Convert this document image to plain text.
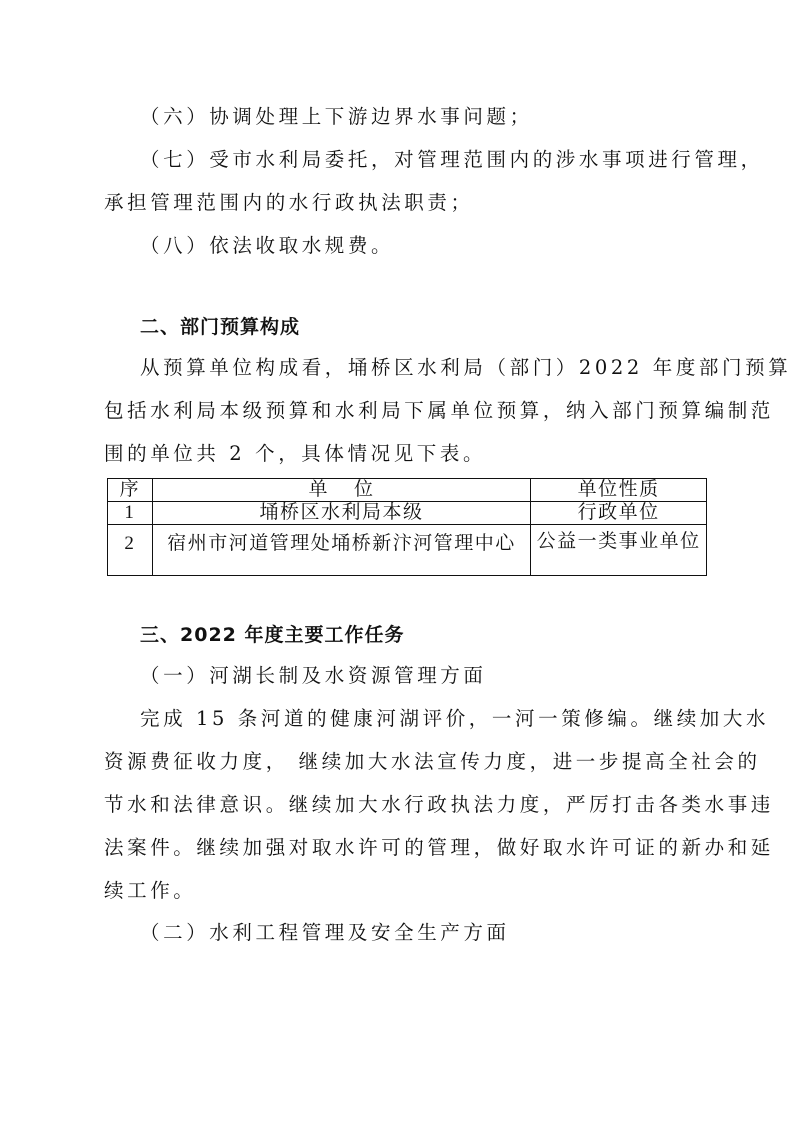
（六）协调处理上下游边界水事问题；
（七）受市水利局委托，对管理范围内的涉水事项进行管理，
承担管理范围内的水行政执法职责；
（八）依法收取水规费。
二、部门预算构成
从预算单位构成看，埇桥区水利局（部门）2022 年度部门预算
包括水利局本级预算和水利局下属单位预算，纳入部门预算编制范
围的单位共 2 个，具体情况见下表。
序	单    位	单位性质
1	埇桥区水利局本级	行政单位
2	宿州市河道管理处埇桥新汴河管理中心	公益一类事业单位
三、2022 年度主要工作任务
（一）河湖长制及水资源管理方面
完成 15 条河道的健康河湖评价，一河一策修编。继续加大水
资源费征收力度， 继续加大水法宣传力度，进一步提高全社会的
节水和法律意识。继续加大水行政执法力度，严厉打击各类水事违
法案件。继续加强对取水许可的管理，做好取水许可证的新办和延
续工作。
（二）水利工程管理及安全生产方面
